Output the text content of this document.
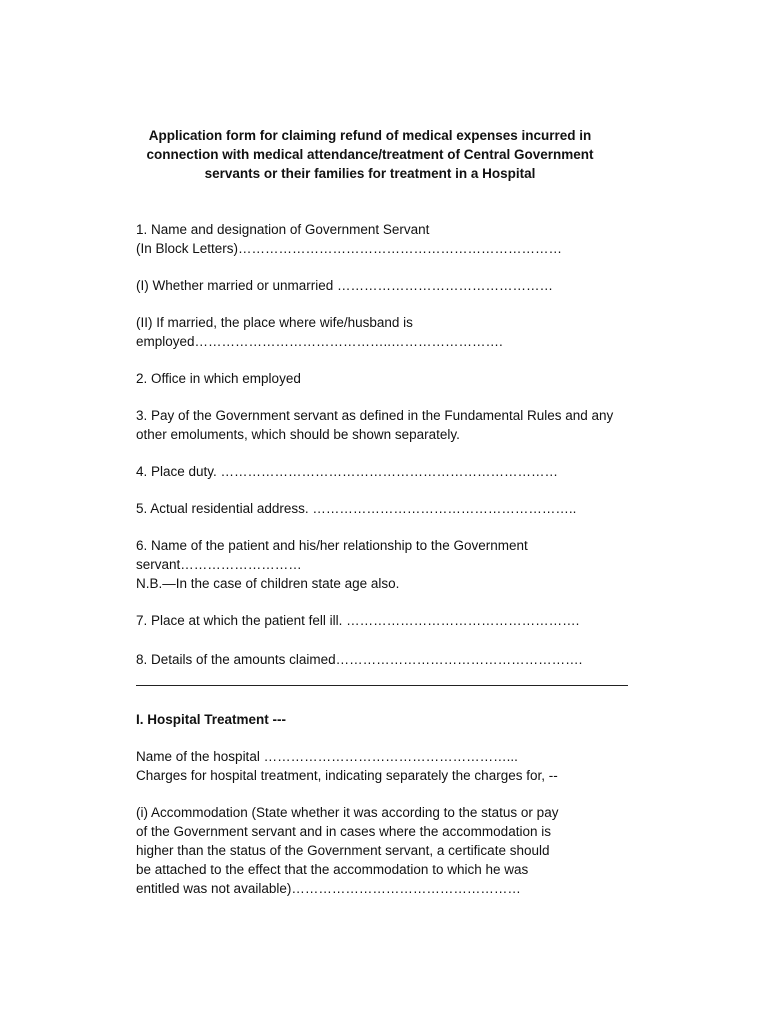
Application form for claiming refund of medical expenses incurred in
connection with medical attendance/treatment of Central Government
servants or their families for treatment in a Hospital
1. Name and designation of Government Servant
(In Block Letters)………………………………………………………………
(I) Whether married or unmarried …………………………………………
(II) If married, the place where wife/husband is
employed……………………………………..…………………….
2. Office in which employed
3. Pay of the Government servant as defined in the Fundamental Rules and any
other emoluments, which should be shown separately.
4. Place duty. …………………………………………………………………
5. Actual residential address. …………………………………………………..
6. Name of the patient and his/her relationship to the Government
servant………………………
N.B.—In the case of children state age also.
7. Place at which the patient fell ill. …………………………………………….
8. Details of the amounts claimed……………………………………………….
I. Hospital Treatment ---
Name of the hospital ………………………………………………...
Charges for hospital treatment, indicating separately the charges for, --
(i) Accommodation (State whether it was according to the status or pay
of the Government servant and in cases where the accommodation is
higher than the status of the Government servant, a certificate should
be attached to the effect that the accommodation to which he was
entitled was not available)……………………………………………
